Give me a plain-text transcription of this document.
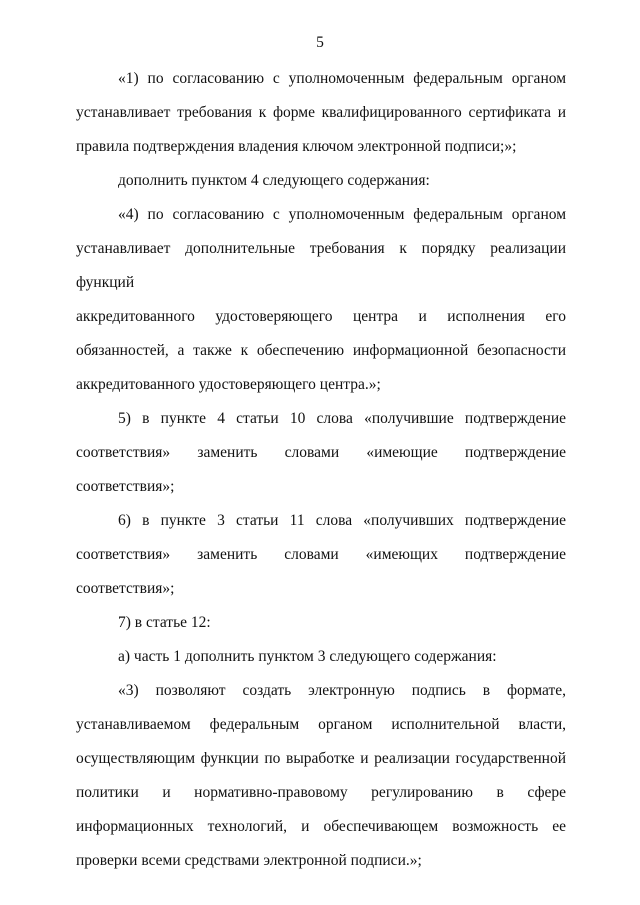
5
«1) по согласованию с уполномоченным федеральным органом
устанавливает требования к форме квалифицированного сертификата и
правила подтверждения владения ключом электронной подписи;»;
дополнить пунктом 4 следующего содержания:
«4) по согласованию с уполномоченным федеральным органом
устанавливает дополнительные требования к порядку реализации функций
аккредитованного удостоверяющего центра и исполнения его
обязанностей, а также к обеспечению информационной безопасности
аккредитованного удостоверяющего центра.»;
5) в пункте 4 статьи 10 слова «получившие подтверждение
соответствия» заменить словами «имеющие подтверждение соответствия»;
6) в пункте 3 статьи 11 слова «получивших подтверждение
соответствия» заменить словами «имеющих подтверждение соответствия»;
7) в статье 12:
а) часть 1 дополнить пунктом 3 следующего содержания:
«3) позволяют создать электронную подпись в формате,
устанавливаемом федеральным органом исполнительной власти,
осуществляющим функции по выработке и реализации государственной
политики и нормативно-правовому регулированию в сфере
информационных технологий, и обеспечивающем возможность ее
проверки всеми средствами электронной подписи.»;
